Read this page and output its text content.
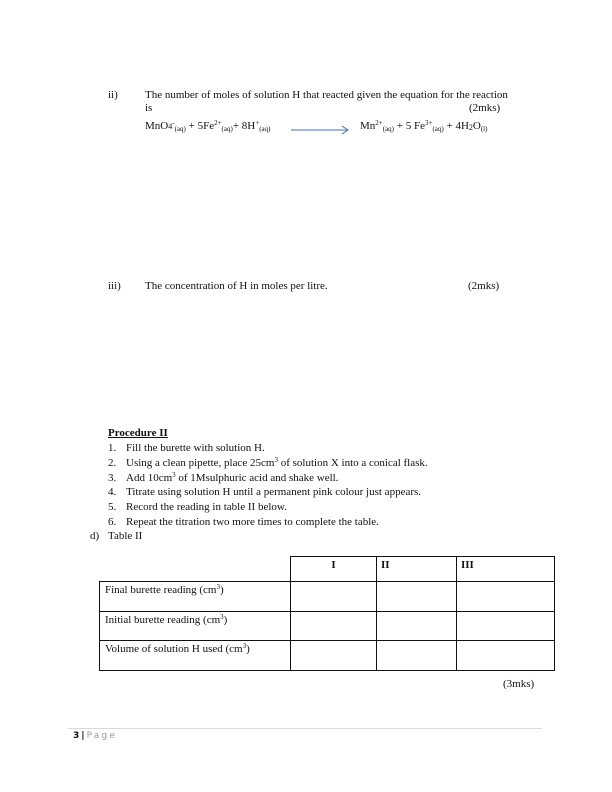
ii) The number of moles of solution H that reacted given the equation for the reaction
is	(2mks)
$MnO4^-_{(aq)} + 5Fe^{2+}_{(aq)}+ 8H^+_{(aq)}$	$Mn^{2+}_{(aq)} + 5$ $Fe^{3+}_{(aq)} + 4H_2O_{(l)}$
iii) The concentration of H in moles per litre.	(2mks)
Procedure II
1. Fill the burette with solution H.
2. Using a clean pipette, place $25cm^3$ of solution X into a conical flask.
3. Add $10cm^3$ of 1Msulphuric acid and shake well.
4. Titrate using solution H until a permanent pink colour just appears.
5. Record the reading in table II below.
6. Repeat the titration two more times to complete the table.
d) Table II
	I	II	III
Final burette reading $(cm^3)$			
Initial burette reading $(cm^3)$			
Volume of solution H used $(cm^3)$			
(3mks)
3 | Page
